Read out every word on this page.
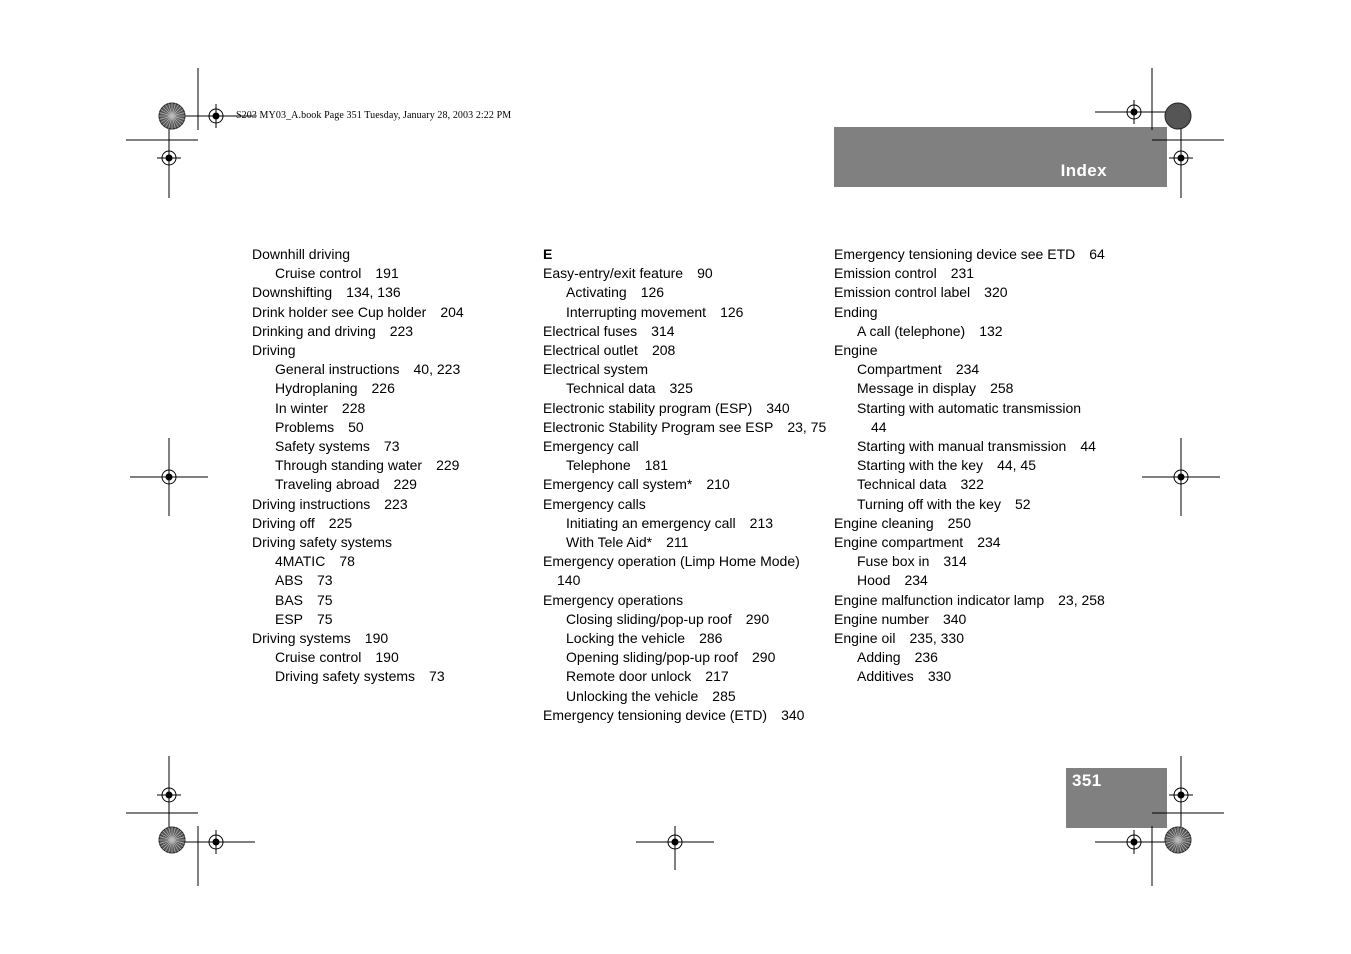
S203 MY03_A.book Page 351 Tuesday, January 28, 2003 2:22 PM
Index
351
Downhill driving
Cruise control  191
Downshifting  134, 136
Drink holder see Cup holder  204
Drinking and driving  223
Driving
General instructions  40, 223
Hydroplaning  226
In winter  228
Problems  50
Safety systems  73
Through standing water  229
Traveling abroad  229
Driving instructions  223
Driving off  225
Driving safety systems
4MATIC  78
ABS  73
BAS  75
ESP  75
Driving systems  190
Cruise control  190
Driving safety systems  73
E
Easy-entry/exit feature  90
Activating  126
Interrupting movement  126
Electrical fuses  314
Electrical outlet  208
Electrical system
Technical data  325
Electronic stability program (ESP)  340
Electronic Stability Program see ESP  23, 75
Emergency call
Telephone  181
Emergency call system*  210
Emergency calls
Initiating an emergency call  213
With Tele Aid*  211
Emergency operation (Limp Home Mode) 140
Emergency operations
Closing sliding/pop-up roof  290
Locking the vehicle  286
Opening sliding/pop-up roof  290
Remote door unlock  217
Unlocking the vehicle  285
Emergency tensioning device (ETD)  340
Emergency tensioning device see ETD  64
Emission control  231
Emission control label  320
Ending
A call (telephone)  132
Engine
Compartment  234
Message in display  258
Starting with automatic transmission 44
Starting with manual transmission  44
Starting with the key  44, 45
Technical data  322
Turning off with the key  52
Engine cleaning  250
Engine compartment  234
Fuse box in  314
Hood  234
Engine malfunction indicator lamp  23, 258
Engine number  340
Engine oil  235, 330
Adding  236
Additives  330
